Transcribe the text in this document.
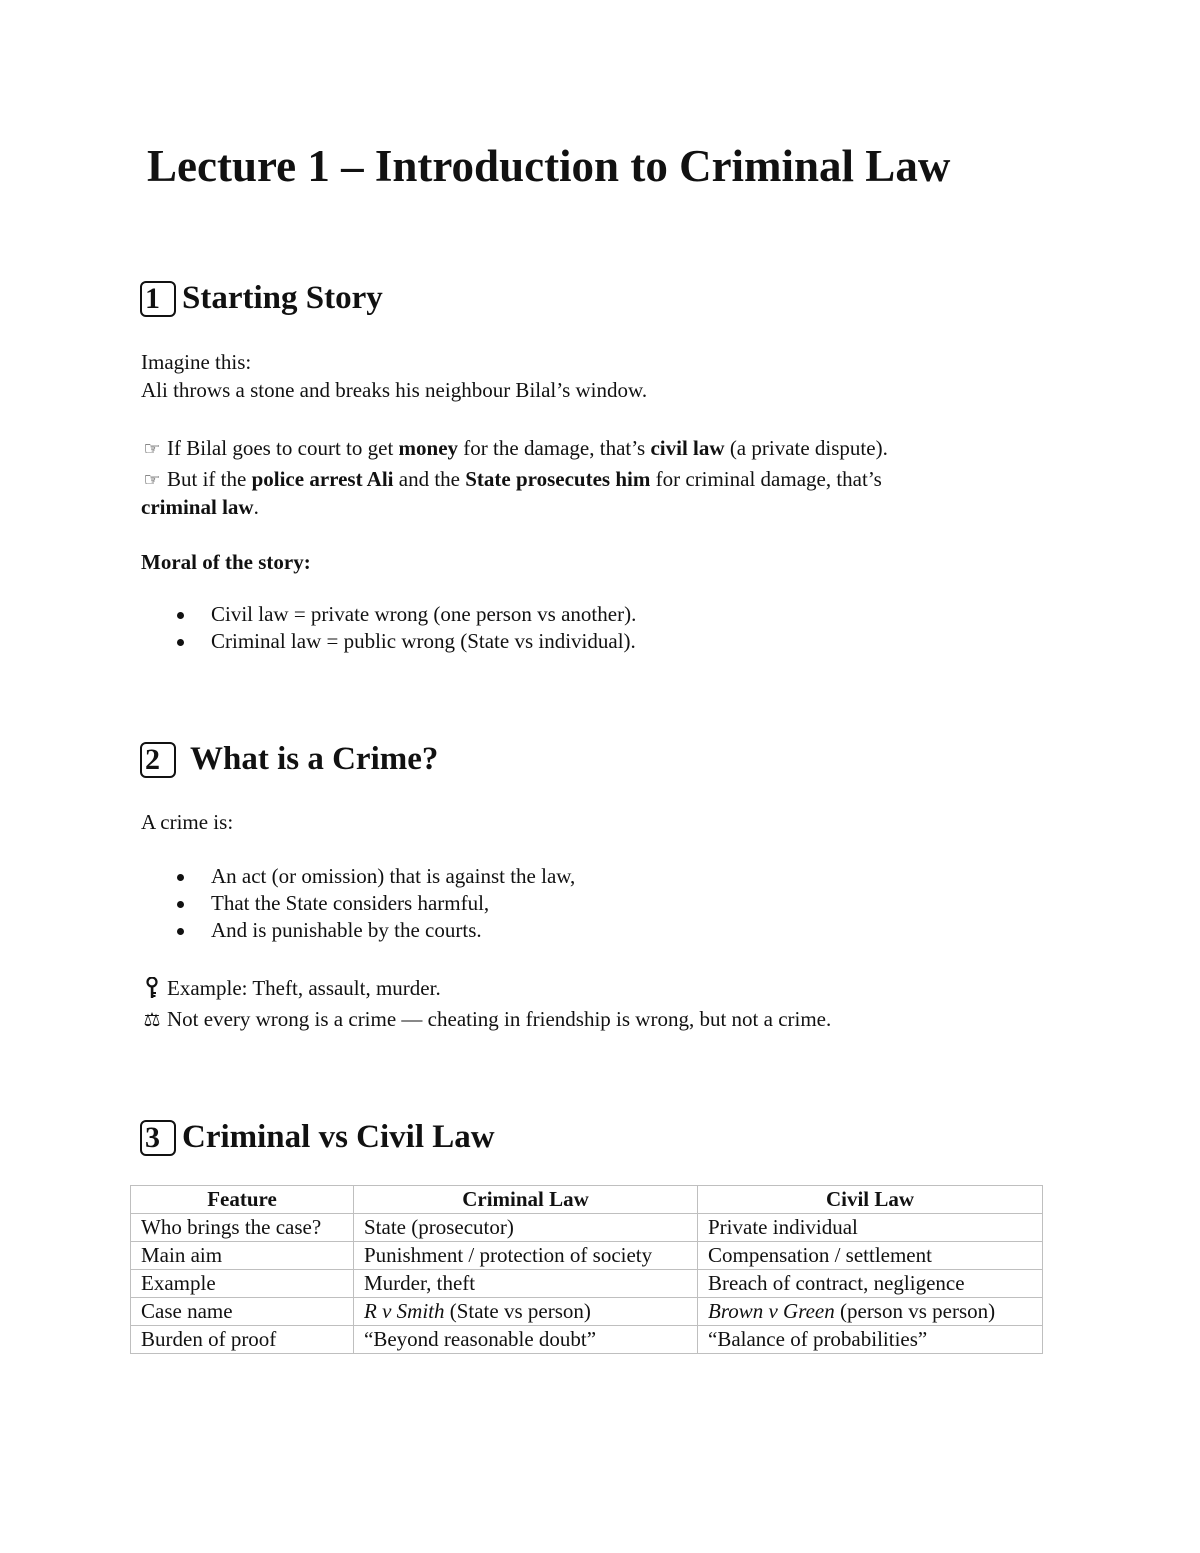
Lecture 1 – Introduction to Criminal Law
1 Starting Story

Imagine this:

Ali throws a stone and breaks his neighbour Bilal’s window.

☞ If Bilal goes to court to get money for the damage, that’s civil law (a private dispute).

☞ But if the police arrest Ali and the State prosecutes him for criminal damage, that’s

criminal law.

Moral of the story:

Civil law = private wrong (one person vs another).
Criminal law = public wrong (State vs individual).
2 What is a Crime?

A crime is:

An act (or omission) that is against the law,
That the State considers harmful,
And is punishable by the courts.

Example: Theft, assault, murder.

⚖ Not every wrong is a crime — cheating in friendship is wrong, but not a crime.

3 Criminal vs Civil Law
Feature	Criminal Law	Civil Law
Who brings the case?	State (prosecutor)	Private individual
Main aim	Punishment / protection of society	Compensation / settlement
Example	Murder, theft	Breach of contract, negligence
Case name	R v Smith (State vs person)	Brown v Green (person vs person)
Burden of proof	“Beyond reasonable doubt”	“Balance of probabilities”
